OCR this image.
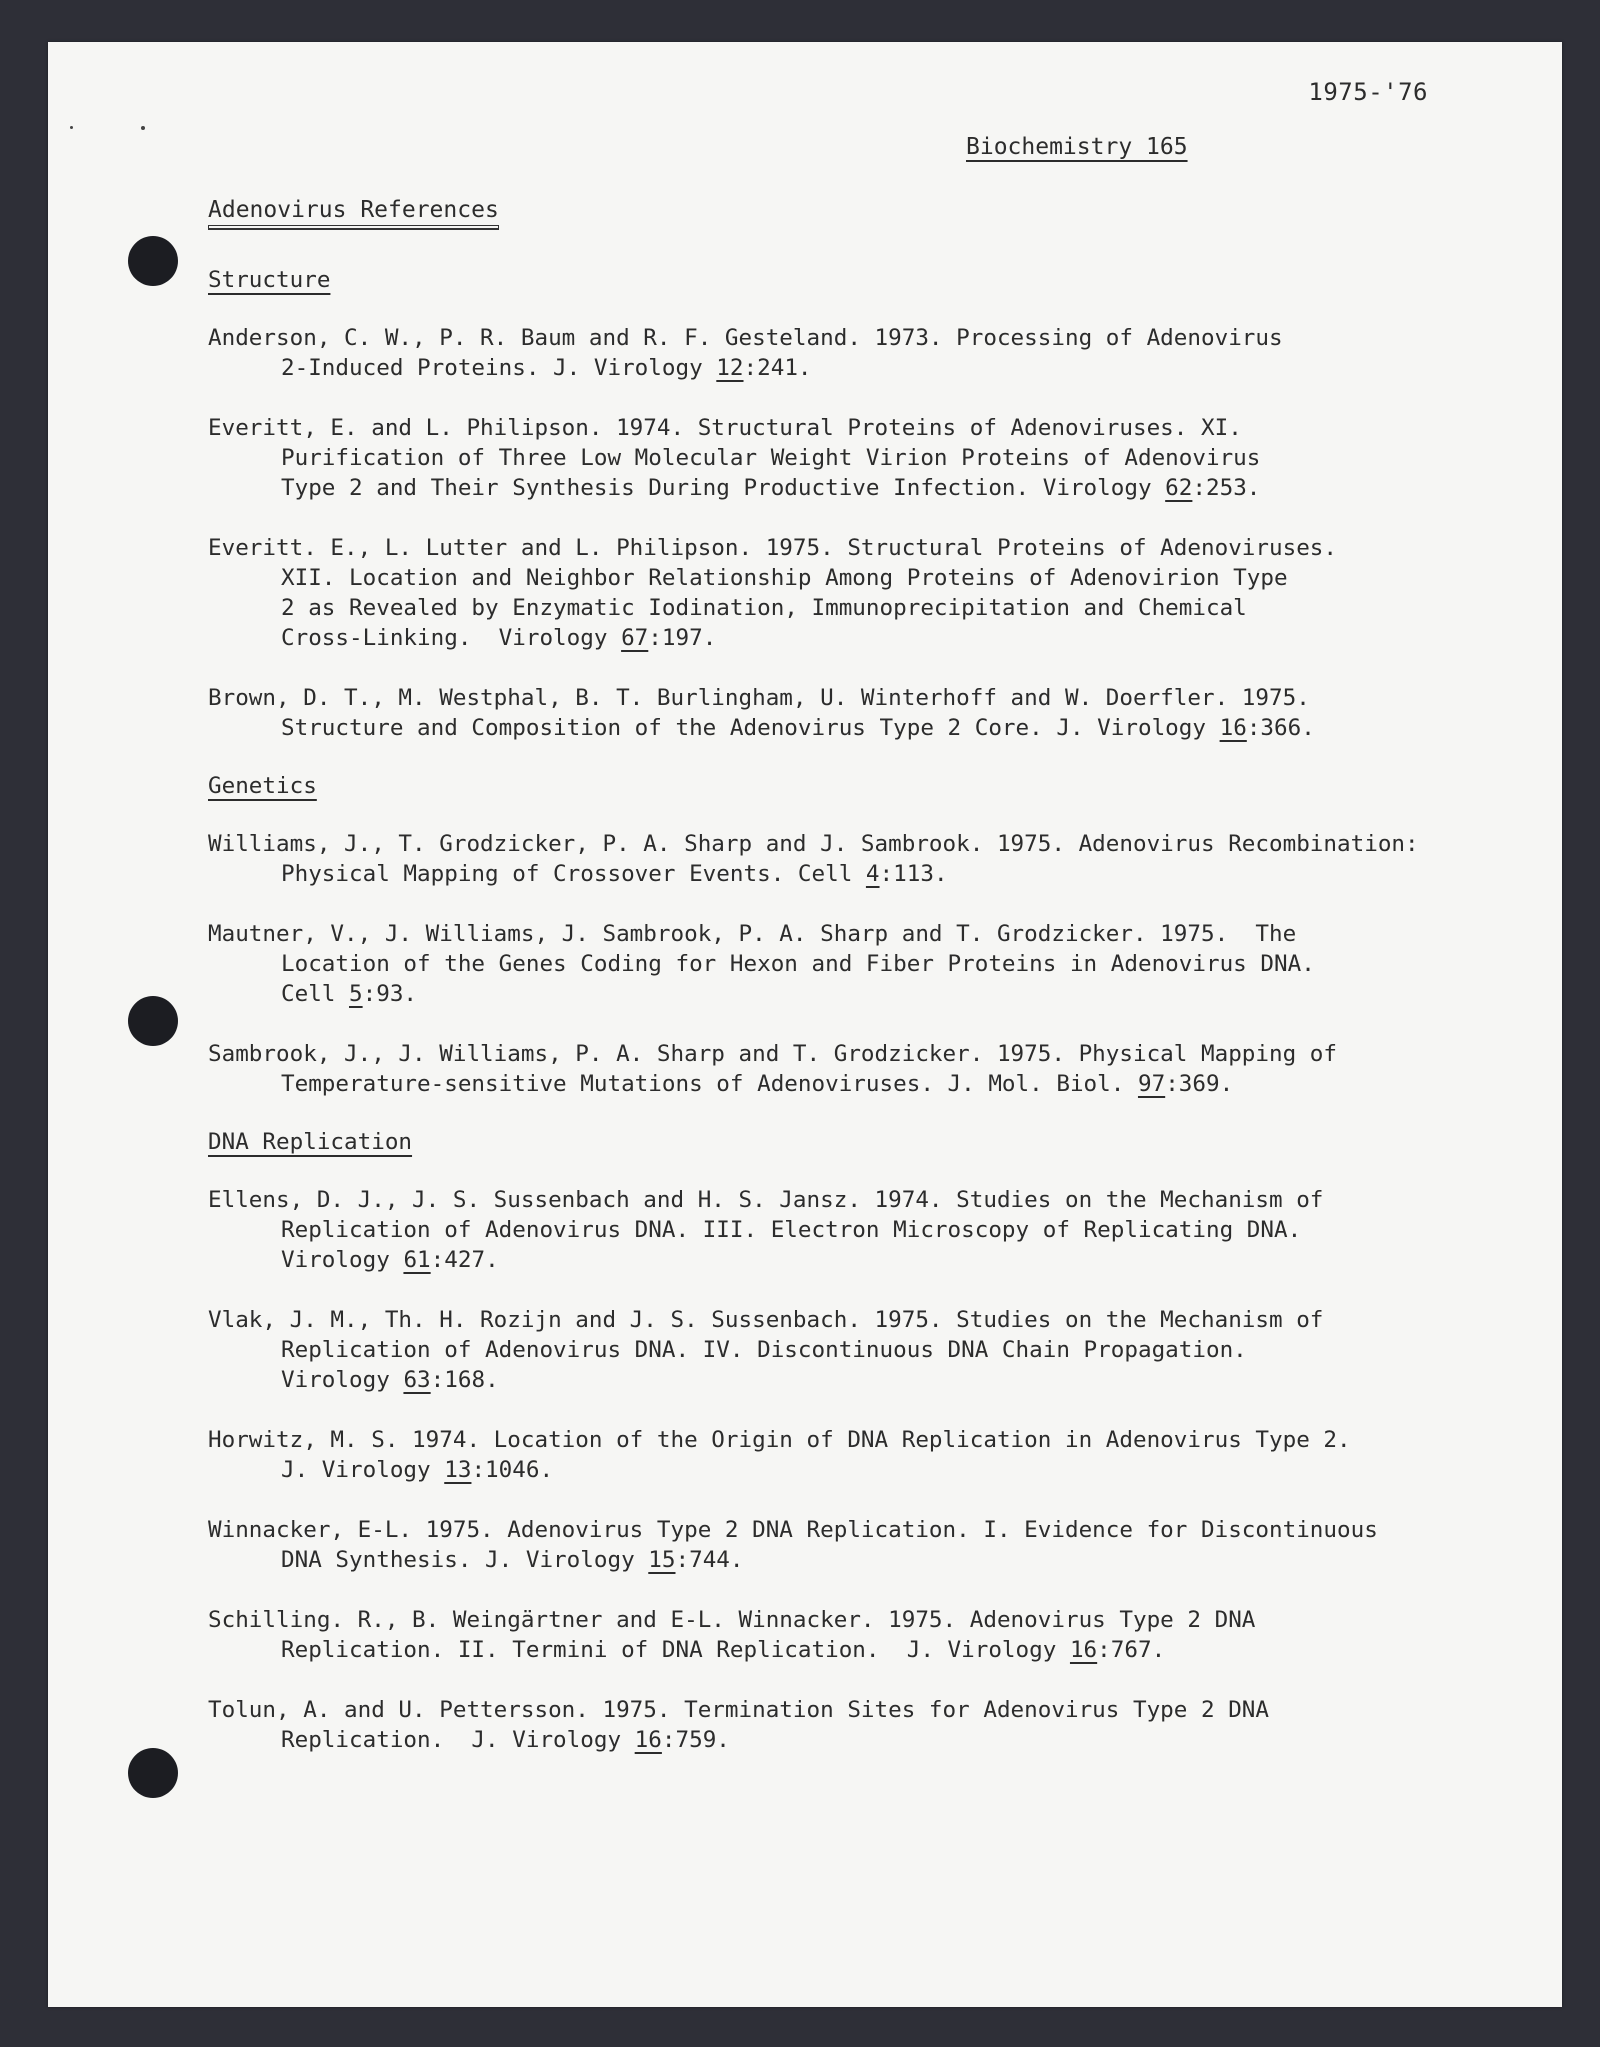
1975-'76
Biochemistry 165
Adenovirus References
Structure
Anderson, C. W., P. R. Baum and R. F. Gesteland. 1973. Processing of Adenovirus
2-Induced Proteins. J. Virology 12:241.
Everitt, E. and L. Philipson. 1974. Structural Proteins of Adenoviruses. XI.
Purification of Three Low Molecular Weight Virion Proteins of Adenovirus
Type 2 and Their Synthesis During Productive Infection. Virology 62:253.
Everitt. E., L. Lutter and L. Philipson. 1975. Structural Proteins of Adenoviruses.
XII. Location and Neighbor Relationship Among Proteins of Adenovirion Type
2 as Revealed by Enzymatic Iodination, Immunoprecipitation and Chemical
Cross-Linking.  Virology 67:197.
Brown, D. T., M. Westphal, B. T. Burlingham, U. Winterhoff and W. Doerfler. 1975.
Structure and Composition of the Adenovirus Type 2 Core. J. Virology 16:366.
Genetics
Williams, J., T. Grodzicker, P. A. Sharp and J. Sambrook. 1975. Adenovirus Recombination:
Physical Mapping of Crossover Events. Cell 4:113.
Mautner, V., J. Williams, J. Sambrook, P. A. Sharp and T. Grodzicker. 1975.  The
Location of the Genes Coding for Hexon and Fiber Proteins in Adenovirus DNA.
Cell 5:93.
Sambrook, J., J. Williams, P. A. Sharp and T. Grodzicker. 1975. Physical Mapping of
Temperature-sensitive Mutations of Adenoviruses. J. Mol. Biol. 97:369.
DNA Replication
Ellens, D. J., J. S. Sussenbach and H. S. Jansz. 1974. Studies on the Mechanism of
Replication of Adenovirus DNA. III. Electron Microscopy of Replicating DNA.
Virology 61:427.
Vlak, J. M., Th. H. Rozijn and J. S. Sussenbach. 1975. Studies on the Mechanism of
Replication of Adenovirus DNA. IV. Discontinuous DNA Chain Propagation.
Virology 63:168.
Horwitz, M. S. 1974. Location of the Origin of DNA Replication in Adenovirus Type 2.
J. Virology 13:1046.
Winnacker, E-L. 1975. Adenovirus Type 2 DNA Replication. I. Evidence for Discontinuous
DNA Synthesis. J. Virology 15:744.
Schilling. R., B. Weingärtner and E-L. Winnacker. 1975. Adenovirus Type 2 DNA
Replication. II. Termini of DNA Replication.  J. Virology 16:767.
Tolun, A. and U. Pettersson. 1975. Termination Sites for Adenovirus Type 2 DNA
Replication.  J. Virology 16:759.
